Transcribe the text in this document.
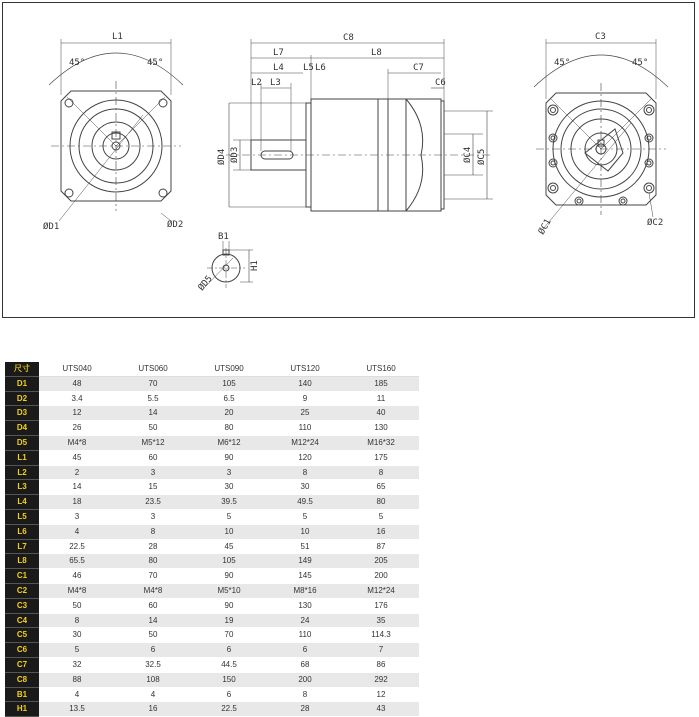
L1
45°	45°
ØD1	ØD2
C8
L7	L8
L4 L5 L6
L2 L3
C7
C6
ØD4 ØD3	ØC4 ØC5
B1
H1
ØD5
C3
45°	45°
ØC1	ØC2
尺寸	UTS040	UTS060	UTS090	UTS120	UTS160
D1	48	70	105	140	185
D2	3.4	5.5	6.5	9	11
D3	12	14	20	25	40
D4	26	50	80	110	130
D5	M4*8	M5*12	M6*12	M12*24	M16*32
L1	45	60	90	120	175
L2	2	3	3	8	8
L3	14	15	30	30	65
L4	18	23.5	39.5	49.5	80
L5	3	3	5	5	5
L6	4	8	10	10	16
L7	22.5	28	45	51	87
L8	65.5	80	105	149	205
C1	46	70	90	145	200
C2	M4*8	M4*8	M5*10	M8*16	M12*24
C3	50	60	90	130	176
C4	8	14	19	24	35
C5	30	50	70	110	114.3
C6	5	6	6	6	7
C7	32	32.5	44.5	68	86
C8	88	108	150	200	292
B1	4	4	6	8	12
H1	13.5	16	22.5	28	43
